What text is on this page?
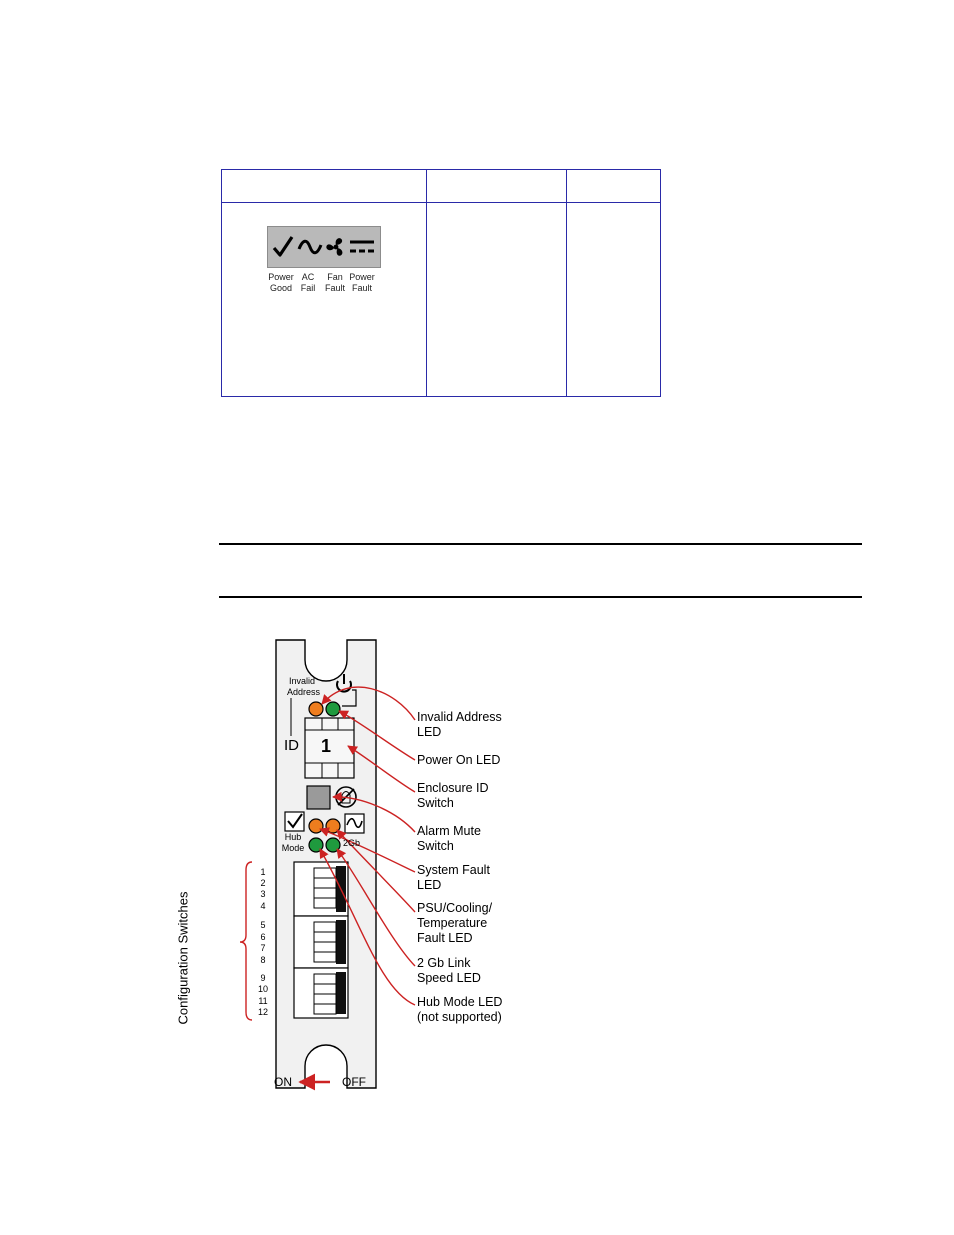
Power
Good
AC
Fail
Fan
Fault
Power
Fault
Invalid
Address
ID 1
Hub
Mode	2Gb
ON	OFF
Configuration Switches
1
2
3
4
5
6
7
8
9
10
11
12
Invalid Address
LED
Power On LED
Enclosure ID
Switch
Alarm Mute
Switch
System Fault
LED
PSU/Cooling/
Temperature
Fault LED
2 Gb Link
Speed LED
Hub Mode LED
(not supported)
